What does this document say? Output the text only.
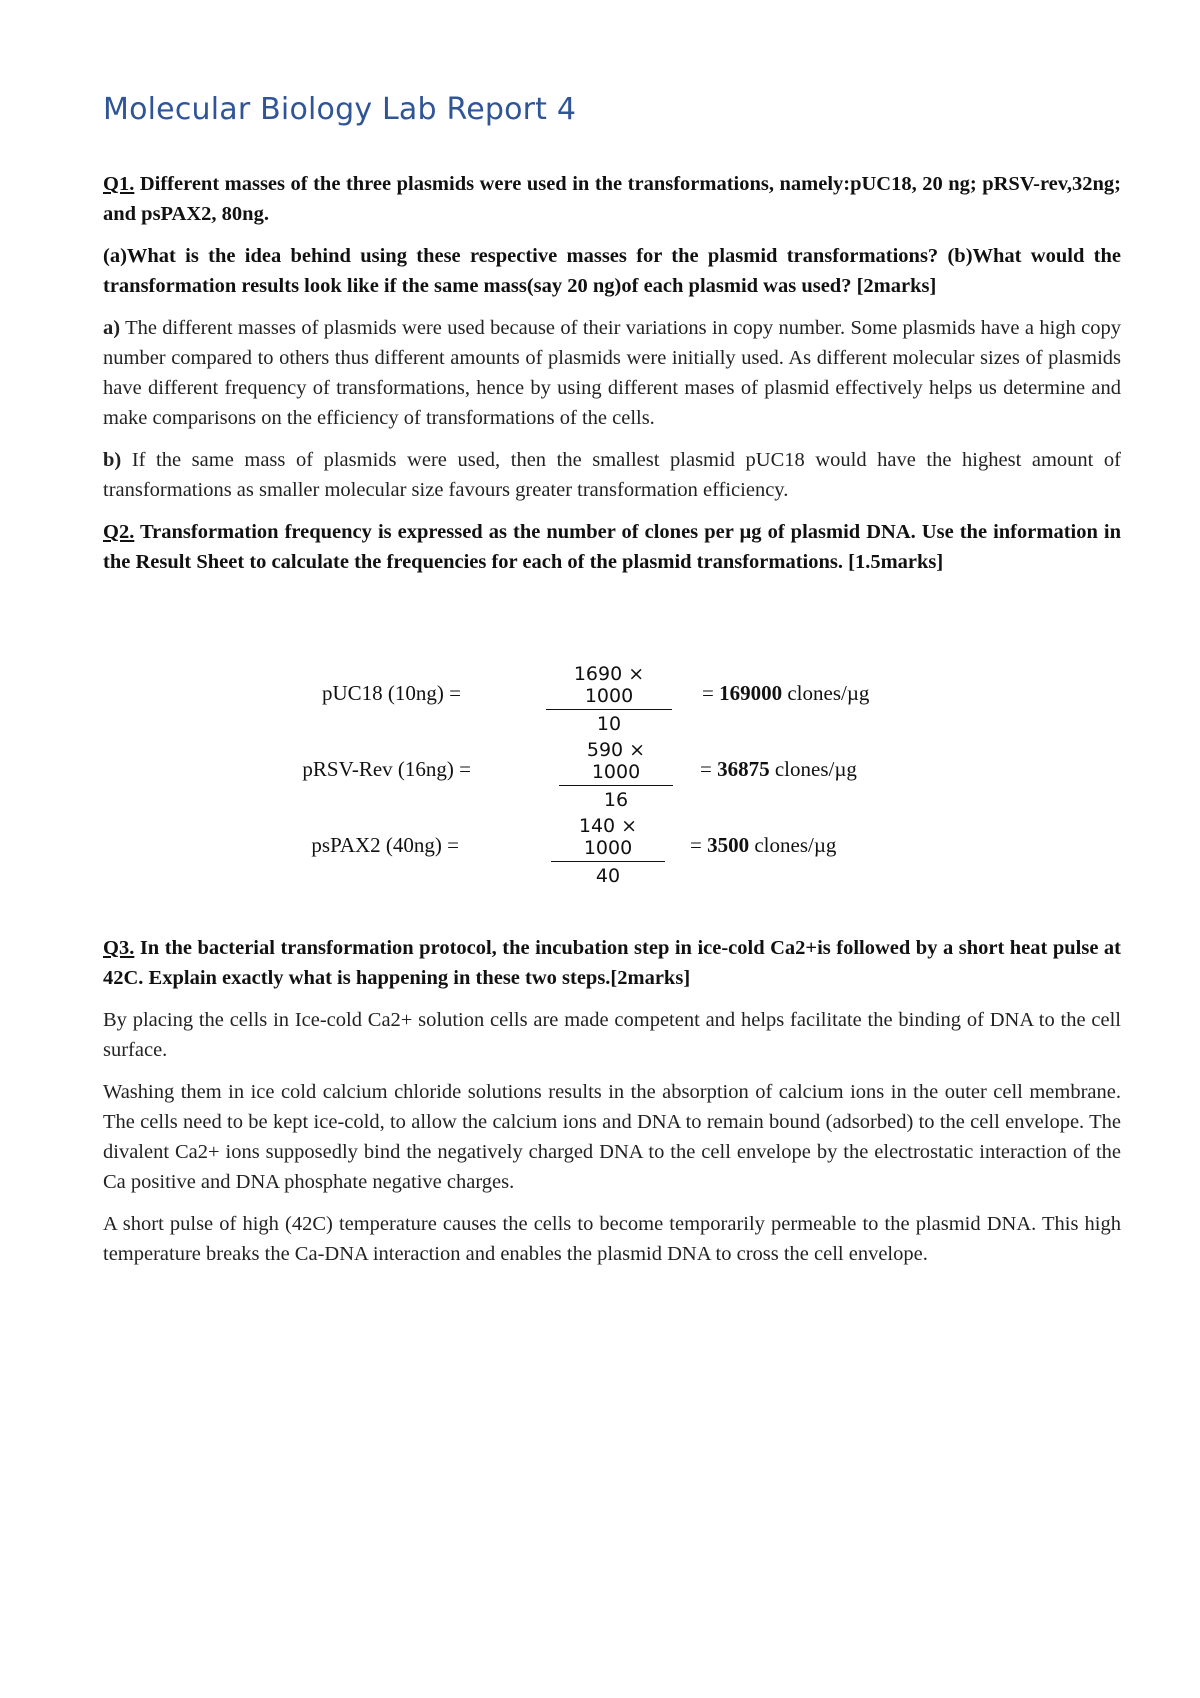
Molecular Biology Lab Report 4

Q1. Different masses of the three plasmids were used in the transformations, namely:pUC18, 20 ng; pRSV-rev,32ng; and psPAX2, 80ng.

(a)What is the idea behind using these respective masses for the plasmid transformations? (b)What would the transformation results look like if the same mass(say 20 ng)of each plasmid was used? [2marks]

a) The different masses of plasmids were used because of their variations in copy number. Some plasmids have a high copy number compared to others thus different amounts of plasmids were initially used. As different molecular sizes of plasmids have different frequency of transformations, hence by using different mases of plasmid effectively helps us determine and make comparisons on the efficiency of transformations of the cells.

b) If the same mass of plasmids were used, then the smallest plasmid pUC18 would have the highest amount of transformations as smaller molecular size favours greater transformation efficiency.

Q2. Transformation frequency is expressed as the number of clones per µg of plasmid DNA. Use the information in the Result Sheet to calculate the frequencies for each of the plasmid transformations. [1.5marks]

pUC18 (10ng) =	$\frac{1690 \times 1000}{10} = 169000$ clones/µg
pRSV-Rev (16ng) =	$\frac{590 \times 1000}{16} = 36875$ clones/µg
psPAX2 (40ng) =	$\frac{140 \times 1000}{40} = 3500$ clones/µg

Q3. In the bacterial transformation protocol, the incubation step in ice-cold Ca2+is followed by a short heat pulse at 42C. Explain exactly what is happening in these two steps.[2marks]

By placing the cells in Ice-cold Ca2+ solution cells are made competent and helps facilitate the binding of DNA to the cell surface.

Washing them in ice cold calcium chloride solutions results in the absorption of calcium ions in the outer cell membrane. The cells need to be kept ice-cold, to allow the calcium ions and DNA to remain bound (adsorbed) to the cell envelope. The divalent Ca2+ ions supposedly bind the negatively charged DNA to the cell envelope by the electrostatic interaction of the Ca positive and DNA phosphate negative charges.

A short pulse of high (42C) temperature causes the cells to become temporarily permeable to the plasmid DNA. This high temperature breaks the Ca-DNA interaction and enables the plasmid DNA to cross the cell envelope.
